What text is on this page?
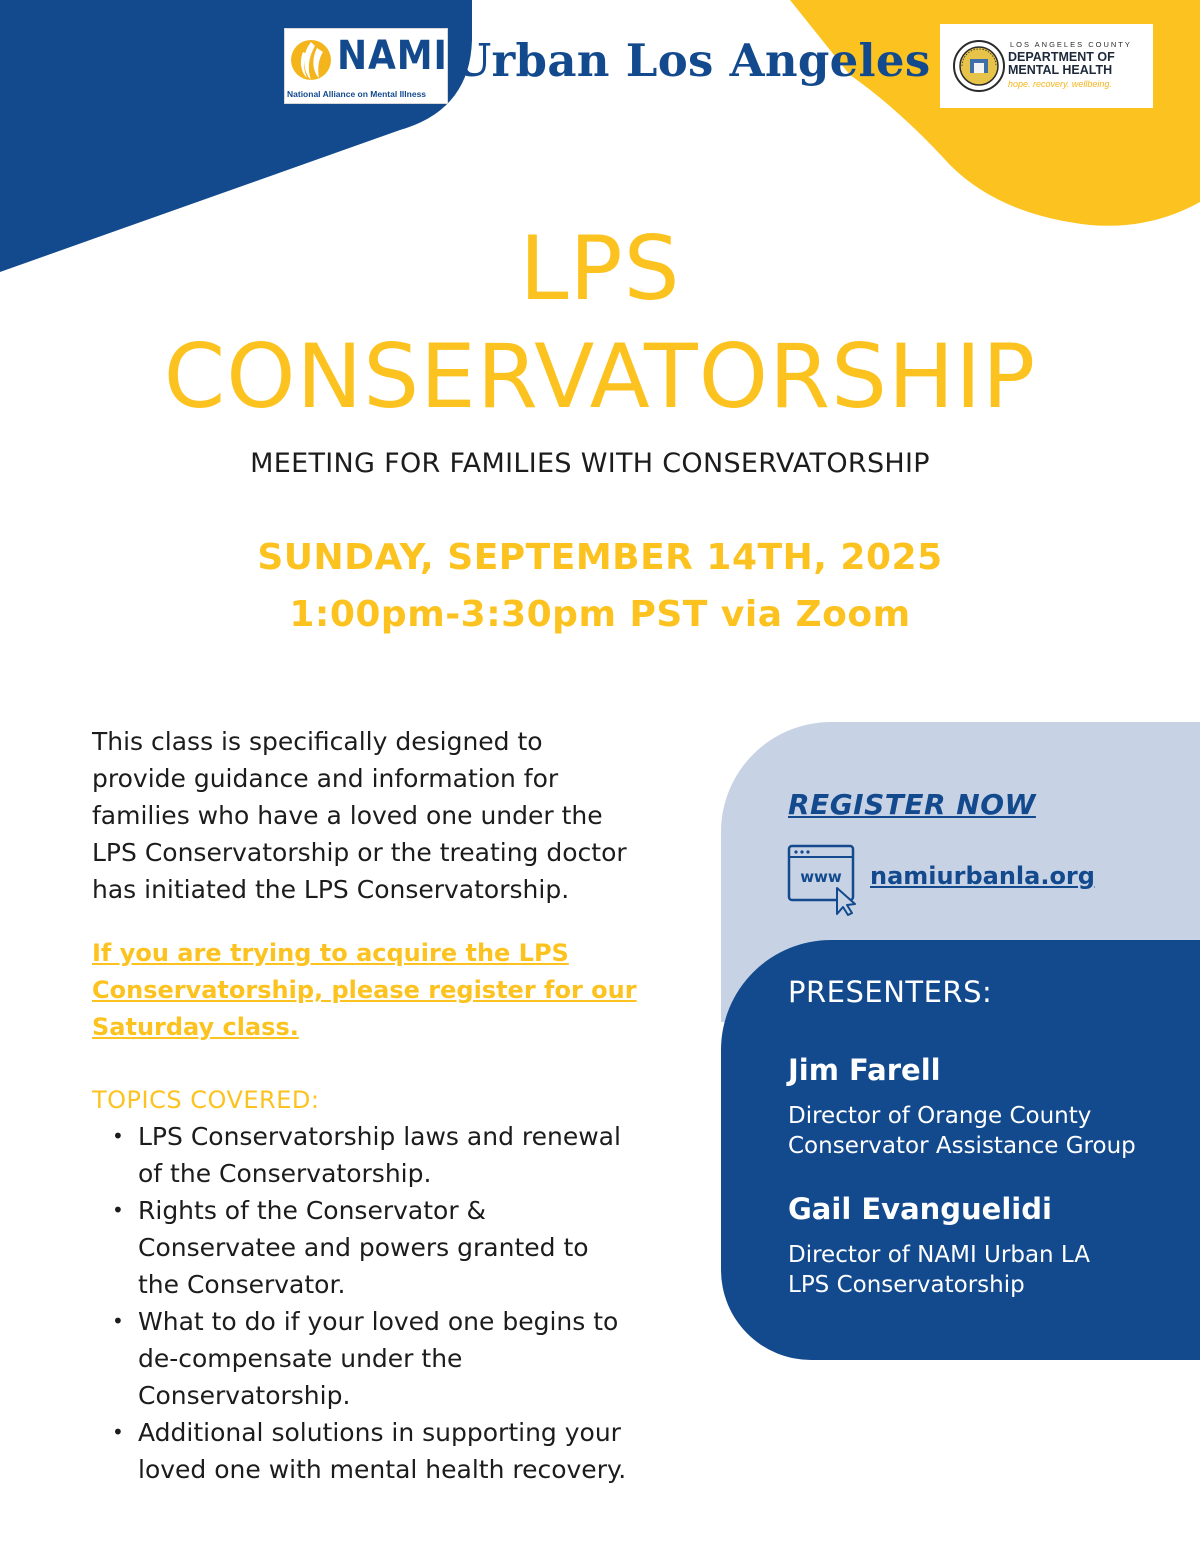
NAMI
National Alliance on Mental Illness
Urban Los Angeles	LOS ANGELES COUNTY
DEPARTMENT OF
MENTAL HEALTH
hope. recovery. wellbeing.
LPS
CONSERVATORSHIP
MEETING FOR FAMILIES WITH CONSERVATORSHIP
SUNDAY, SEPTEMBER 14TH, 2025
1:00pm-3:30pm PST via Zoom
This class is specifically designed to
provide guidance and information for
families who have a loved one under the
LPS Conservatorship or the treating doctor
has initiated the LPS Conservatorship.
If you are trying to acquire the LPS
Conservatorship, please register for our
Saturday class.
TOPICS COVERED:
• LPS Conservatorship laws and renewal
of the Conservatorship.
• Rights of the Conservator &
Conservatee and powers granted to
the Conservator.
• What to do if your loved one begins to
de-compensate under the
Conservatorship.
• Additional solutions in supporting your
loved one with mental health recovery.
REGISTER NOW
www namiurbanla.org
PRESENTERS:
Jim Farell
Director of Orange County
Conservator Assistance Group
Gail Evanguelidi
Director of NAMI Urban LA
LPS Conservatorship
